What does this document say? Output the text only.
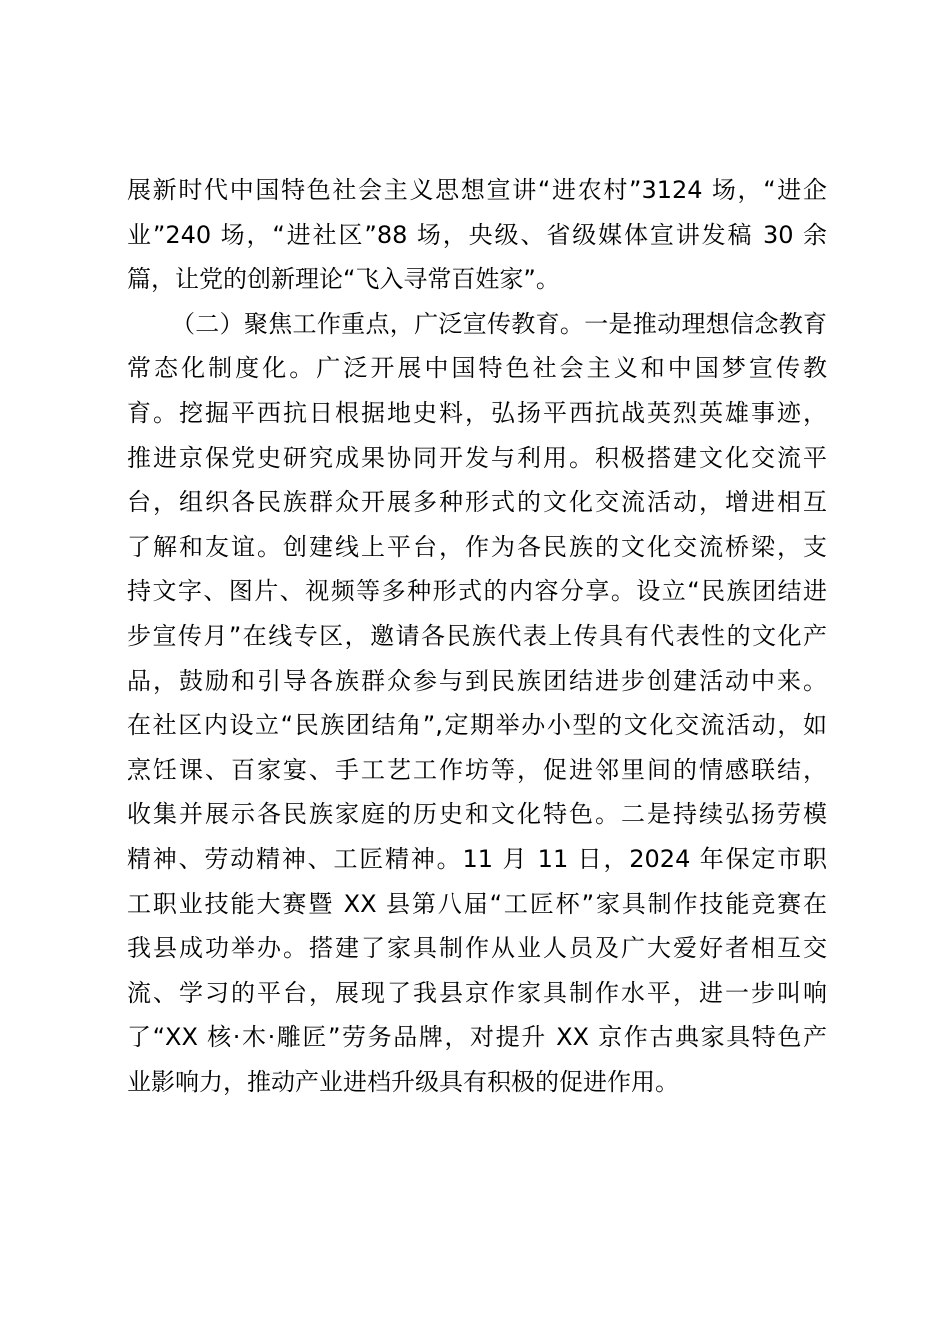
展新时代中国特色社会主义思想宣讲“进农村”3124 场，“进企
业”240 场，“进社区”88 场，央级、省级媒体宣讲发稿 30 余
篇，让党的创新理论“飞入寻常百姓家”。
（二）聚焦工作重点，广泛宣传教育。一是推动理想信念教育
常态化制度化。广泛开展中国特色社会主义和中国梦宣传教
育。挖掘平西抗日根据地史料，弘扬平西抗战英烈英雄事迹，
推进京保党史研究成果协同开发与利用。积极搭建文化交流平
台，组织各民族群众开展多种形式的文化交流活动，增进相互
了解和友谊。创建线上平台，作为各民族的文化交流桥梁，支
持文字、图片、视频等多种形式的内容分享。设立“民族团结进
步宣传月”在线专区，邀请各民族代表上传具有代表性的文化产
品，鼓励和引导各族群众参与到民族团结进步创建活动中来。
在社区内设立“民族团结角”,定期举办小型的文化交流活动，如
烹饪课、百家宴、手工艺工作坊等，促进邻里间的情感联结，
收集并展示各民族家庭的历史和文化特色。二是持续弘扬劳模
精神、劳动精神、工匠精神。11 月 11 日，2024 年保定市职
工职业技能大赛暨 XX 县第八届“工匠杯”家具制作技能竞赛在
我县成功举办。搭建了家具制作从业人员及广大爱好者相互交
流、学习的平台，展现了我县京作家具制作水平，进一步叫响
了“XX 核·木·雕匠”劳务品牌，对提升 XX 京作古典家具特色产
业影响力，推动产业进档升级具有积极的促进作用。
